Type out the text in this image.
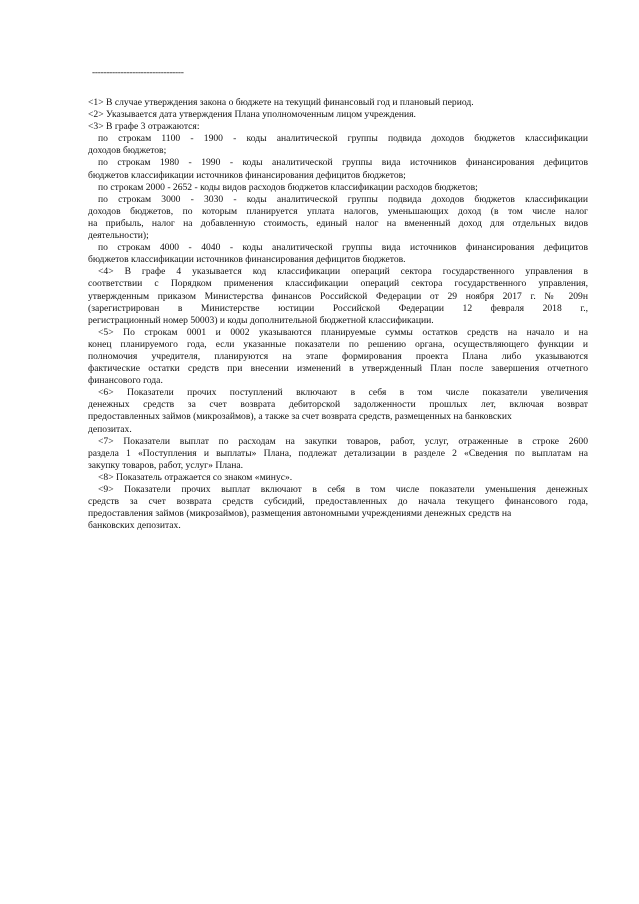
--------------------------------
<1> В случае утверждения закона о бюджете на текущий финансовый год и плановый период.
<2> Указывается дата утверждения Плана уполномоченным лицом учреждения.
<3> В графе 3 отражаются:
по строкам 1100 - 1900 - коды аналитической группы подвида доходов бюджетов классификации
доходов бюджетов;
по строкам 1980 - 1990 - коды аналитической группы вида источников финансирования дефицитов
бюджетов классификации источников финансирования дефицитов бюджетов;
по строкам 2000 - 2652 - коды видов расходов бюджетов классификации расходов бюджетов;
по строкам 3000 - 3030 - коды аналитической группы подвида доходов бюджетов классификации
доходов бюджетов, по которым планируется уплата налогов, уменьшающих доход (в том числе налог
на прибыль, налог на добавленную стоимость, единый налог на вмененный доход для отдельных видов
деятельности);
по строкам 4000 - 4040 - коды аналитической группы вида источников финансирования дефицитов
бюджетов классификации источников финансирования дефицитов бюджетов.
<4> В графе 4 указывается код классификации операций сектора государственного управления в
соответствии с Порядком применения классификации операций сектора государственного управления,
утвержденным приказом Министерства финансов Российской Федерации от 29 ноября 2017 г. № 209н
(зарегистрирован в Министерстве юстиции Российской Федерации 12 февраля 2018 г.,
регистрационный номер 50003) и коды дополнительной бюджетной классификации.
<5> По строкам 0001 и 0002 указываются планируемые суммы остатков средств на начало и на
конец планируемого года, если указанные показатели по решению органа, осуществляющего функции и
полномочия учредителя, планируются на этапе формирования проекта Плана либо указываются
фактические остатки средств при внесении изменений в утвержденный План после завершения отчетного
финансового года.
<6> Показатели прочих поступлений включают в себя в том числе показатели увеличения
денежных средств за счет возврата дебиторской задолженности прошлых лет, включая возврат
предоставленных займов (микрозаймов), а также за счет возврата средств, размещенных на банковских
депозитах.
<7> Показатели выплат по расходам на закупки товаров, работ, услуг, отраженные в строке 2600
раздела 1 «Поступления и выплаты» Плана, подлежат детализации в разделе 2 «Сведения по выплатам на
закупку товаров, работ, услуг» Плана.
<8> Показатель отражается со знаком «минус».
<9> Показатели прочих выплат включают в себя в том числе показатели уменьшения денежных
средств за счет возврата средств субсидий, предоставленных до начала текущего финансового года,
предоставления займов (микрозаймов), размещения автономными учреждениями денежных средств на
банковских депозитах.
